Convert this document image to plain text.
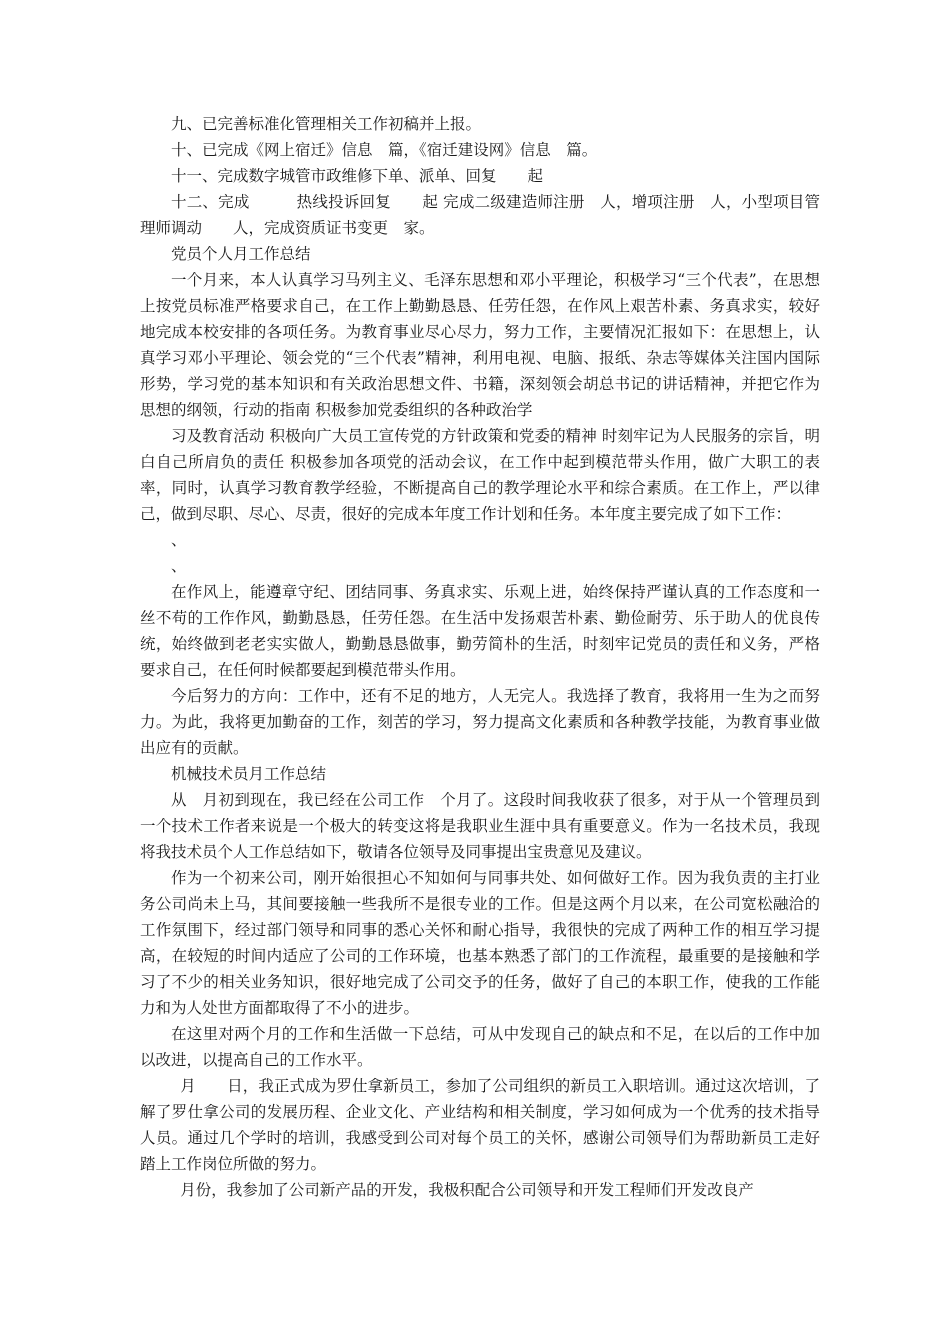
九、已完善标准化管理相关工作初稿并上报。

十、已完成《网上宿迁》信息　篇，《宿迁建设网》信息　篇。

十一、完成数字城管市政维修下单、派单、回复　　起

十二、完成　　　热线投诉回复　　起 完成二级建造师注册　人，增项注册　人，小型项目管理师调动　　人，完成资质证书变更　家。

党员个人月工作总结

一个月来，本人认真学习马列主义、毛泽东思想和邓小平理论，积极学习“三个代表”，在思想上按党员标准严格要求自己，在工作上勤勤恳恳、任劳任怨，在作风上艰苦朴素、务真求实，较好地完成本校安排的各项任务。为教育事业尽心尽力，努力工作，主要情况汇报如下：在思想上，认真学习邓小平理论、领会党的“三个代表”精神，利用电视、电脑、报纸、杂志等媒体关注国内国际形势，学习党的基本知识和有关政治思想文件、书籍，深刻领会胡总书记的讲话精神，并把它作为思想的纲领，行动的指南 积极参加党委组织的各种政治学

习及教育活动 积极向广大员工宣传党的方针政策和党委的精神 时刻牢记为人民服务的宗旨，明白自己所肩负的责任 积极参加各项党的活动会议，在工作中起到模范带头作用，做广大职工的表率，同时，认真学习教育教学经验，不断提高自己的教学理论水平和综合素质。在工作上，严以律己，做到尽职、尽心、尽责，很好的完成本年度工作计划和任务。本年度主要完成了如下工作：

、

、

在作风上，能遵章守纪、团结同事、务真求实、乐观上进，始终保持严谨认真的工作态度和一丝不苟的工作作风，勤勤恳恳，任劳任怨。在生活中发扬艰苦朴素、勤俭耐劳、乐于助人的优良传统，始终做到老老实实做人，勤勤恳恳做事，勤劳简朴的生活，时刻牢记党员的责任和义务，严格要求自己，在任何时候都要起到模范带头作用。

今后努力的方向：工作中，还有不足的地方，人无完人。我选择了教育，我将用一生为之而努力。为此，我将更加勤奋的工作，刻苦的学习，努力提高文化素质和各种教学技能，为教育事业做出应有的贡献。

机械技术员月工作总结

从　月初到现在，我已经在公司工作　个月了。这段时间我收获了很多，对于从一个管理员到一个技术工作者来说是一个极大的转变这将是我职业生涯中具有重要意义。作为一名技术员，我现将我技术员个人工作总结如下，敬请各位领导及同事提出宝贵意见及建议。

作为一个初来公司，刚开始很担心不知如何与同事共处、如何做好工作。因为我负责的主打业务公司尚未上马，其间要接触一些我所不是很专业的工作。但是这两个月以来，在公司宽松融洽的工作氛围下，经过部门领导和同事的悉心关怀和耐心指导，我很快的完成了两种工作的相互学习提高，在较短的时间内适应了公司的工作环境，也基本熟悉了部门的工作流程，最重要的是接触和学习了不少的相关业务知识，很好地完成了公司交予的任务，做好了自己的本职工作，使我的工作能力和为人处世方面都取得了不小的进步。

在这里对两个月的工作和生活做一下总结，可从中发现自己的缺点和不足，在以后的工作中加以改进，以提高自己的工作水平。

月　　日，我正式成为罗仕拿新员工，参加了公司组织的新员工入职培训。通过这次培训，了解了罗仕拿公司的发展历程、企业文化、产业结构和相关制度，学习如何成为一个优秀的技术指导人员。通过几个学时的培训，我感受到公司对每个员工的关怀，感谢公司领导们为帮助新员工走好踏上工作岗位所做的努力。

月份，我参加了公司新产品的开发，我极积配合公司领导和开发工程师们开发改良产
